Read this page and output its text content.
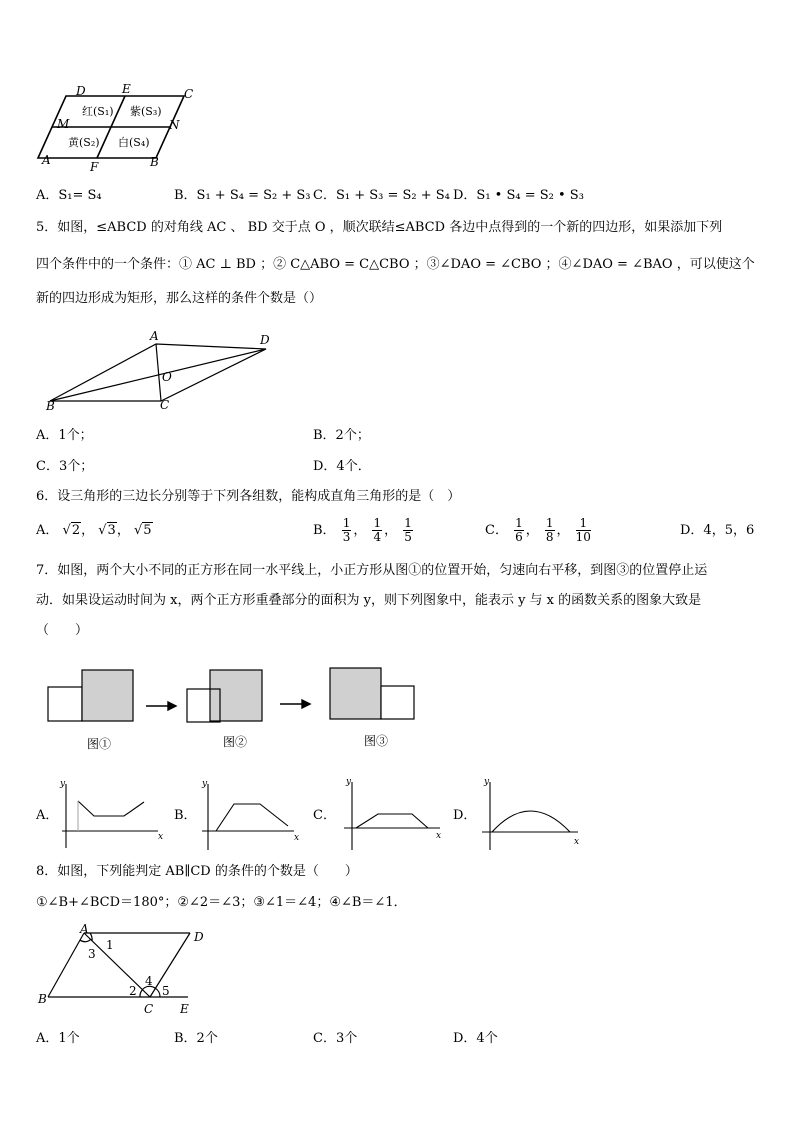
D	E	C
M	N
A	F	B
红(S₁) 紫(S₃)
黄(S₂) 白(S₄)
A．S₁= S₄	B．S₁ + S₄ = S₂ + S₃ C．S₁ + S₃ = S₂ + S₄ D．S₁ • S₄ = S₂ • S₃
5．如图，≤ABCD 的对角线 AC 、 BD 交于点 O ，顺次联结≤ABCD 各边中点得到的一个新的四边形，如果添加下列
四个条件中的一个条件：① AC ⊥ BD ；② C△ABO = C△CBO ；③∠DAO = ∠CBO ；④∠DAO = ∠BAO ，可以使这个
新的四边形成为矩形，那么这样的条件个数是（）
A	D
O
B	C
A．1个；	B．2个；
C．3个；	D．4个．
6．设三角形的三边长分别等于下列各组数，能构成直角三角形的是（　）
A． √2， √3， √5	B． $\frac{1}{3}$ ， $\frac{1}{4}$ ， $\frac{1}{5}$	C． $\frac{1}{6}$ ， $\frac{1}{8}$ ， $\frac{1}{10}$	D．4，5，6
7．如图，两个大小不同的正方形在同一水平线上，小正方形从图①的位置开始，匀速向右平移，到图③的位置停止运
动．如果设运动时间为 x，两个正方形重叠部分的面积为 y，则下列图象中，能表示 y 与 x 的函数关系的图象大致是
（　　）
图①	图②	图③
A．	B．	C．	D．
y
x
y
x
y
x
y
x
8．如图，下列能判定 AB∥CD 的条件的个数是（　　）
①∠B+∠BCD＝180°；②∠2＝∠3；③∠1＝∠4；④∠B＝∠1．
A
D
B
C E
1
3
2
4
5
A．1个	B．2个	C．3个	D．4个
